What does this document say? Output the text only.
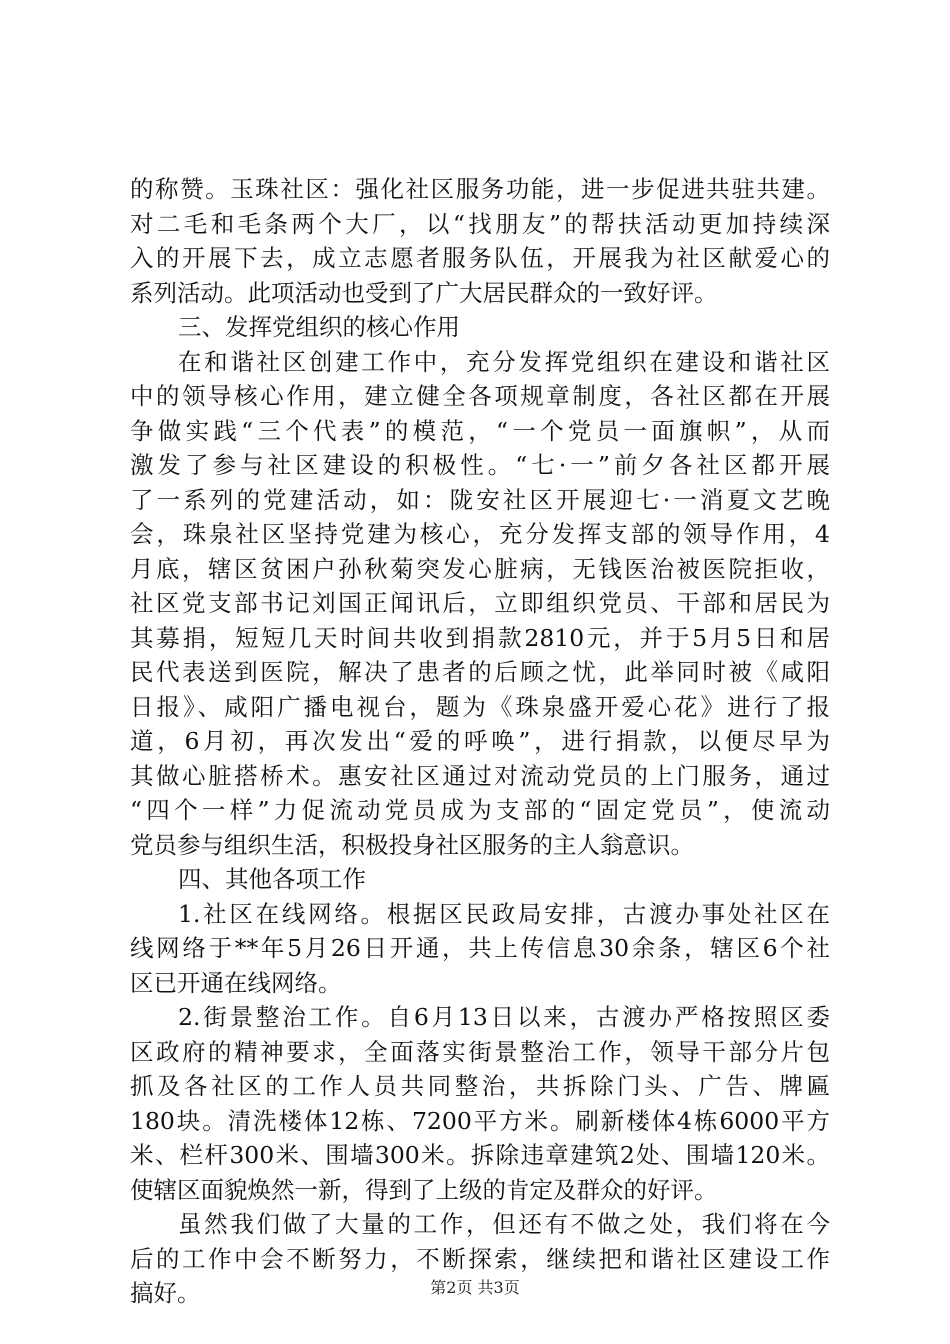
的称赞。玉珠社区：强化社区服务功能，进一步促进共驻共建。
对二毛和毛条两个大厂，以“找朋友”的帮扶活动更加持续深
入的开展下去，成立志愿者服务队伍，开展我为社区献爱心的
系列活动。此项活动也受到了广大居民群众的一致好评。
三、发挥党组织的核心作用
在和谐社区创建工作中，充分发挥党组织在建设和谐社区
中的领导核心作用，建立健全各项规章制度，各社区都在开展
争做实践“三个代表”的模范，“一个党员一面旗帜”，从而
激发了参与社区建设的积极性。“七·一”前夕各社区都开展
了一系列的党建活动，如：陇安社区开展迎七·一消夏文艺晚
会，珠泉社区坚持党建为核心，充分发挥支部的领导作用，4
月底，辖区贫困户孙秋菊突发心脏病，无钱医治被医院拒收，
社区党支部书记刘国正闻讯后，立即组织党员、干部和居民为
其募捐，短短几天时间共收到捐款2810元，并于5月5日和居
民代表送到医院，解决了患者的后顾之忧，此举同时被《咸阳
日报》、咸阳广播电视台，题为《珠泉盛开爱心花》进行了报
道，6月初，再次发出“爱的呼唤”，进行捐款，以便尽早为
其做心脏搭桥术。惠安社区通过对流动党员的上门服务，通过
“四个一样”力促流动党员成为支部的“固定党员”，使流动
党员参与组织生活，积极投身社区服务的主人翁意识。
四、其他各项工作
1.社区在线网络。根据区民政局安排，古渡办事处社区在
线网络于**年5月26日开通，共上传信息30余条，辖区6个社
区已开通在线网络。
2.街景整治工作。自6月13日以来，古渡办严格按照区委
区政府的精神要求，全面落实街景整治工作，领导干部分片包
抓及各社区的工作人员共同整治，共拆除门头、广告、牌匾
180块。清洗楼体12栋、7200平方米。刷新楼体4栋6000平方
米、栏杆300米、围墙300米。拆除违章建筑2处、围墙120米。
使辖区面貌焕然一新，得到了上级的肯定及群众的好评。
虽然我们做了大量的工作，但还有不做之处，我们将在今
后的工作中会不断努力，不断探索，继续把和谐社区建设工作
搞好。	第2页 共3页
